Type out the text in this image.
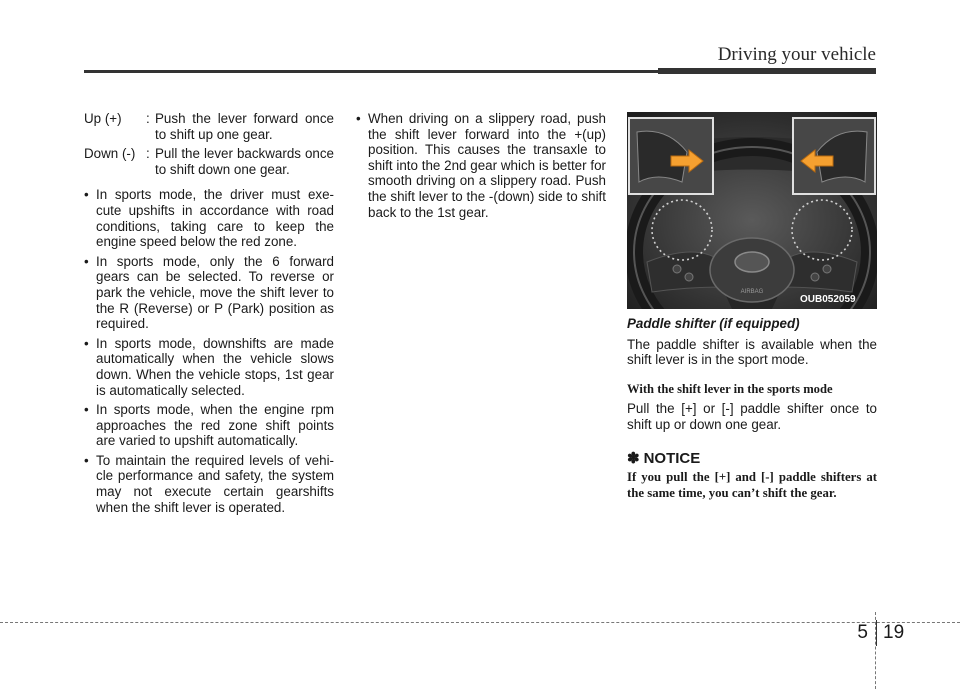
Driving your vehicle
Up (+)	: Push the lever forward once to shift up one gear.
Down (-) : Pull the lever backwards once to shift down one gear.
• In sports mode, the driver must exe-cute upshifts in accordance with road conditions, taking care to keep the engine speed below the red zone.
• In sports mode, only the 6 forward gears can be selected. To reverse or park the vehicle, move the shift lever to the R (Reverse) or P (Park) position as required.
• In sports mode, downshifts are made automatically when the vehicle slows down. When the vehicle stops, 1st gear is automatically selected.
• In sports mode, when the engine rpm approaches the red zone shift points are varied to upshift automatically.
• To maintain the required levels of vehi-cle performance and safety, the system may not execute certain gearshifts when the shift lever is operated.
• When driving on a slippery road, push the shift lever forward into the +(up) position. This causes the transaxle to shift into the 2nd gear which is better for smooth driving on a slippery road. Push the shift lever to the -(down) side to shift back to the 1st gear.
AIRBAG
OUB052059
Paddle shifter (if equipped)
The paddle shifter is available when the shift lever is in the sport mode.
With the shift lever in the sports mode
Pull the [+] or [-] paddle shifter once to shift up or down one gear.
✽ NOTICE
If you pull the [+] and [-] paddle shifters at the same time, you can’t shift the gear.
5 19
